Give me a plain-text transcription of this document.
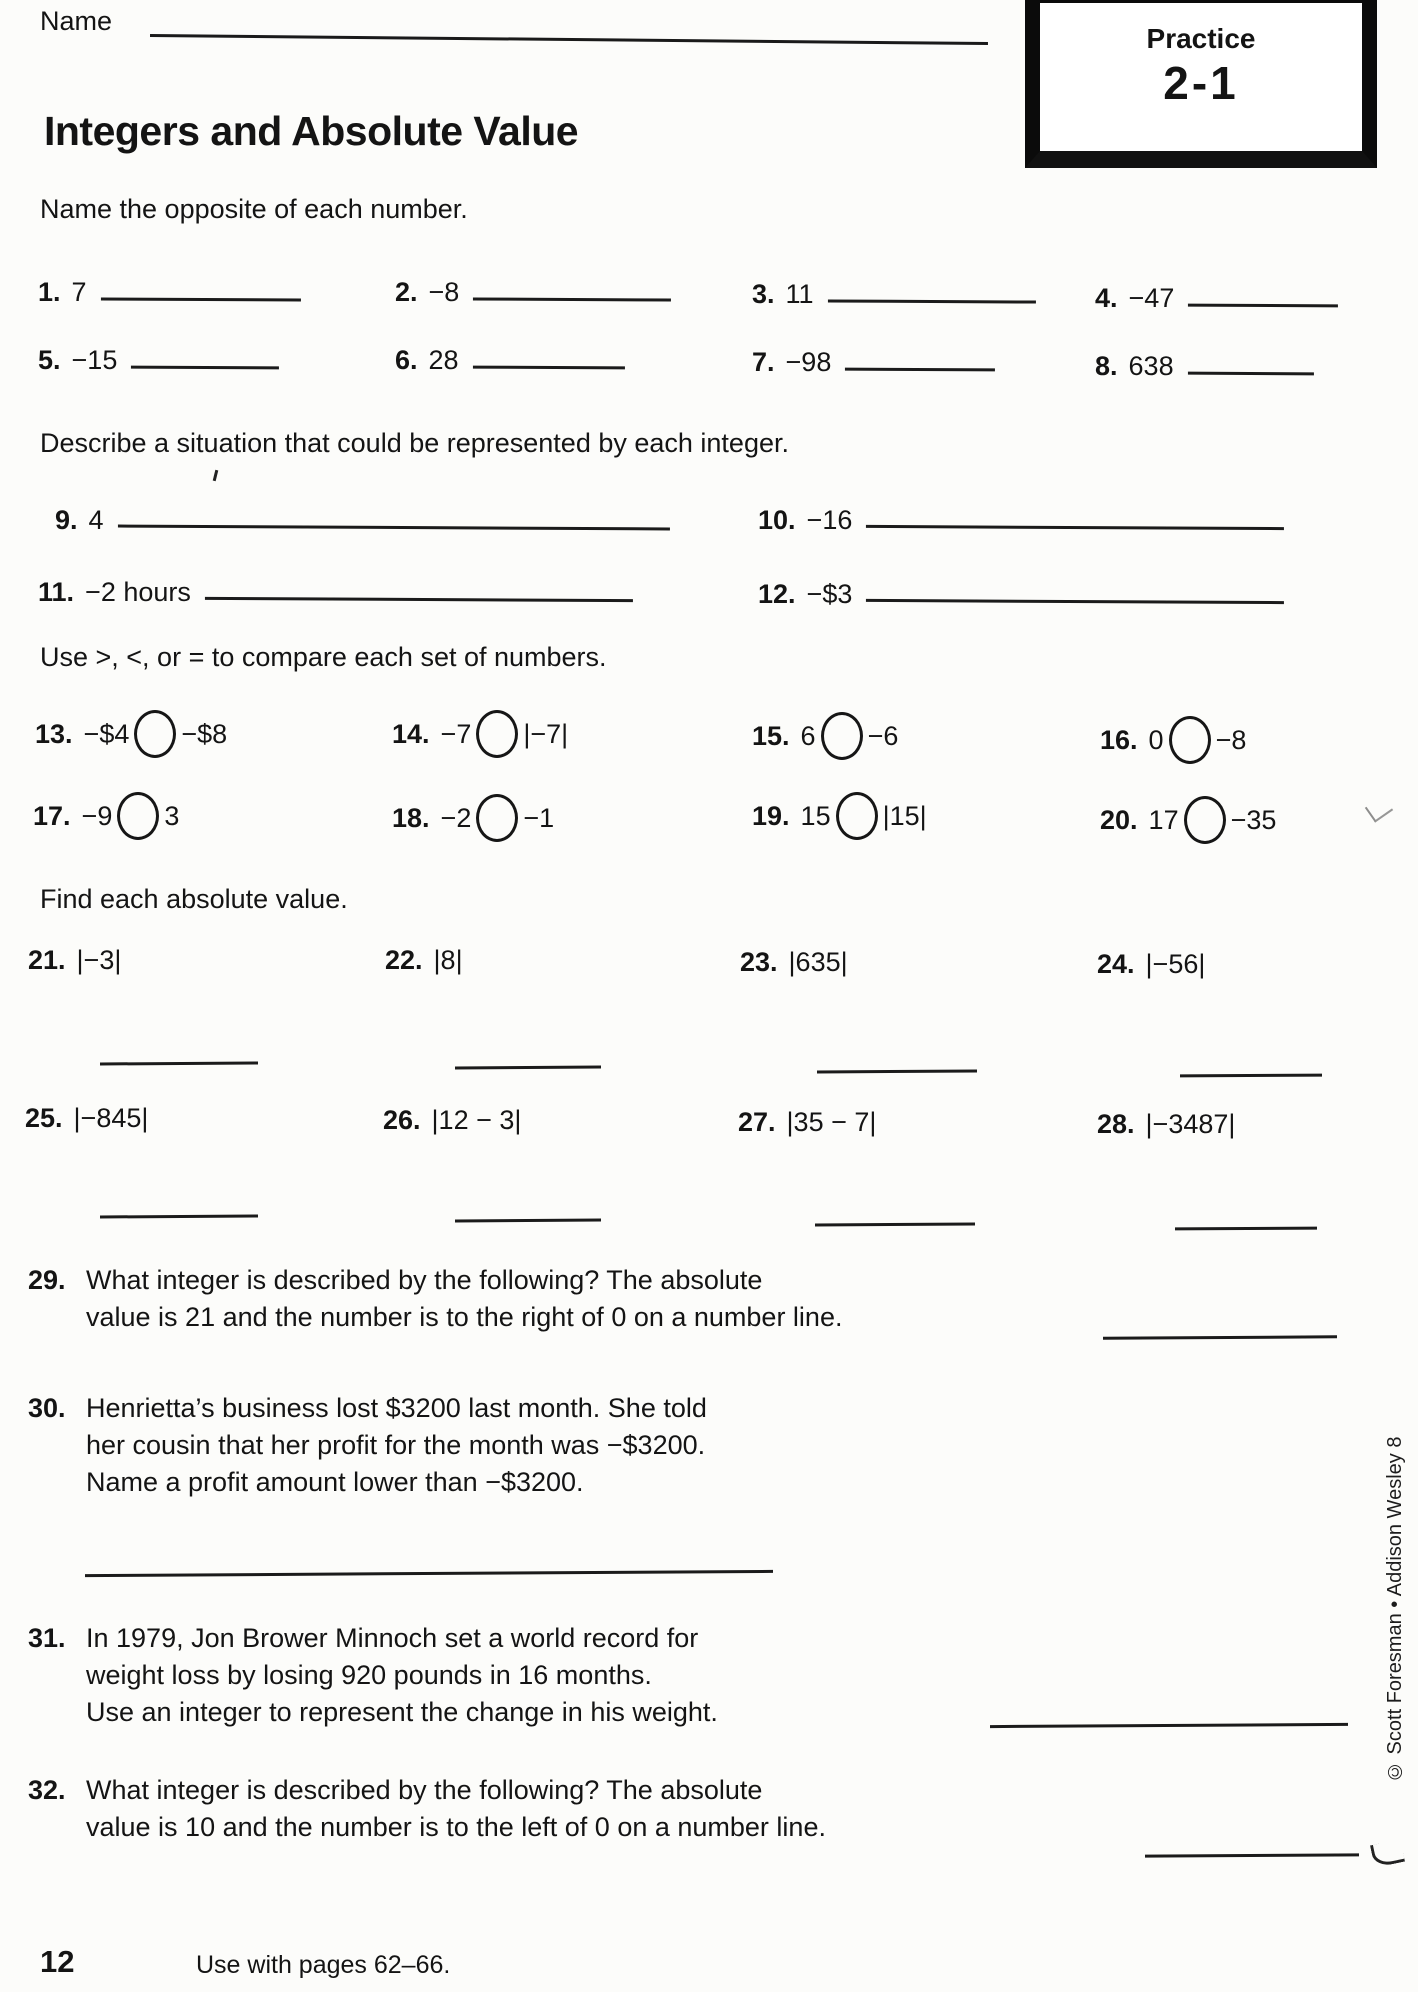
Name
Practice
2-1
Integers and Absolute Value
Name the opposite of each number.
1. 7	2. −8	3. 11	4. −47
5. −15	6. 28	7. −98	8. 638
Describe a situation that could be represented by each integer.
9. 4	10. −16
11. −2 hours	12. −$3
Use >, <, or = to compare each set of numbers.
13. −$4 −$8	14. −7 |−7|	15. 6 −6	16. 0 −8
17. −9 3	18. −2 −1	19. 15 |15|	20. 17 −35
Find each absolute value.
21. |−3|	22. |8|	23. |635|	24. |−56|
25. |−845|	26. |12 − 3|	27. |35 − 7|	28. |−3487|
29. What integer is described by the following? The absolute
value is 21 and the number is to the right of 0 on a number line.
30. Henrietta’s business lost $3200 last month. She told
her cousin that her profit for the month was −$3200.
Name a profit amount lower than −$3200.
31. In 1979, Jon Brower Minnoch set a world record for
weight loss by losing 920 pounds in 16 months.
Use an integer to represent the change in his weight.
32. What integer is described by the following? The absolute
value is 10 and the number is to the left of 0 on a number line.
12	Use with pages 62–66.
© Scott Foresman • Addison Wesley 8
